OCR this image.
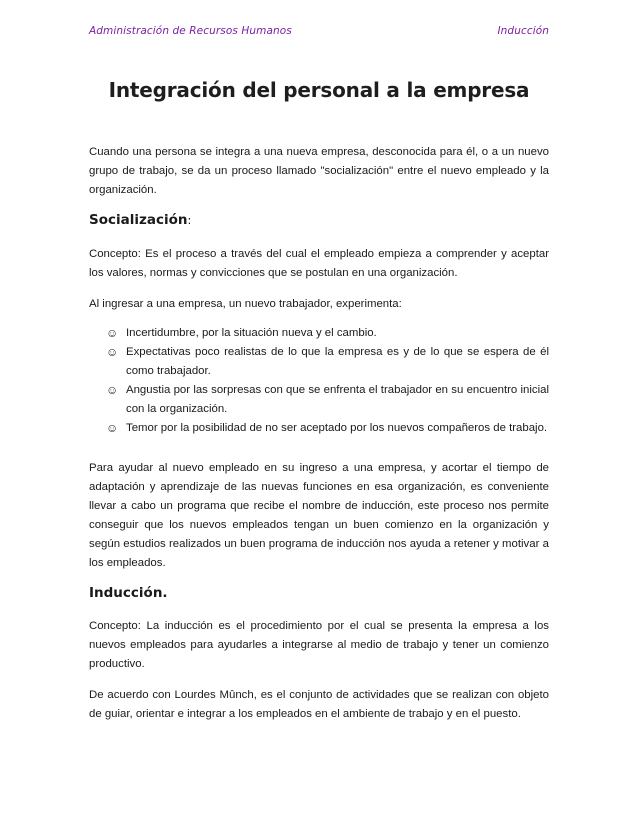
Administración de Recursos Humanos	Inducción
Integración del personal a la empresa

Cuando una persona se integra a una nueva empresa, desconocida para él, o a un nuevo grupo de trabajo, se da un proceso llamado "socialización" entre el nuevo empleado y la organización.

Socialización:

Concepto: Es el proceso a través del cual el empleado empieza a comprender y aceptar los valores, normas y convicciones que se postulan en una organización.

Al ingresar a una empresa, un nuevo trabajador, experimenta:

☺ Incertidumbre, por la situación nueva y el cambio.
☺ Expectativas poco realistas de lo que la empresa es y de lo que se espera de él como trabajador.
☺ Angustia por las sorpresas con que se enfrenta el trabajador en su encuentro inicial con la organización.
☺ Temor por la posibilidad de no ser aceptado por los nuevos compañeros de trabajo.

Para ayudar al nuevo empleado en su ingreso a una empresa, y acortar el tiempo de adaptación y aprendizaje de las nuevas funciones en esa organización, es conveniente llevar a cabo un programa que recibe el nombre de inducción, este proceso nos permite conseguir que los nuevos empleados tengan un buen comienzo en la organización y según estudios realizados un buen programa de inducción nos ayuda a retener y motivar a los empleados.

Inducción.

Concepto: La inducción es el procedimiento por el cual se presenta la empresa a los nuevos empleados para ayudarles a integrarse al medio de trabajo y tener un comienzo productivo.

De acuerdo con Lourdes Mûnch, es el conjunto de actividades que se realizan con objeto de guiar, orientar e integrar a los empleados en el ambiente de trabajo y en el puesto.
